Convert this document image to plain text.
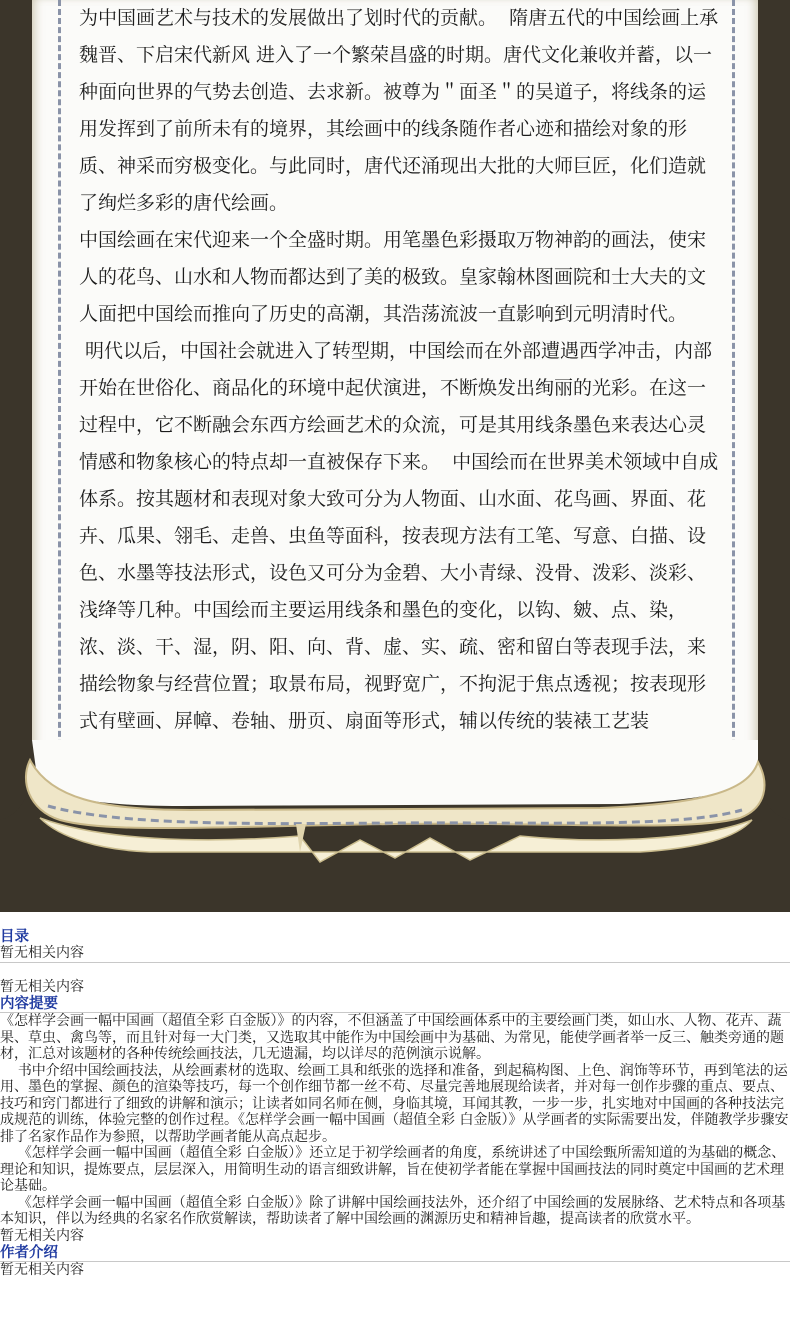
为中国画艺术与技术的发展做出了划时代的贡献。  隋唐五代的中国绘画上承魏晋、下启宋代新风 进入了一个繁荣昌盛的时期。唐代文化兼收并蓄，以一种面向世界的气势去创造、去求新。被尊为＂面圣＂的吴道子，将线条的运用发挥到了前所未有的境界，其绘画中的线条随作者心迹和描绘对象的形质、神采而穷极变化。与此同时，唐代还涌现出大批的大师巨匠，化们造就了绚烂多彩的唐代绘画。

中国绘画在宋代迎来一个全盛时期。用笔墨色彩摄取万物神韵的画法，使宋人的花鸟、山水和人物而都达到了美的极致。皇家翰林图画院和士大夫的文人面把中国绘而推向了历史的高潮，其浩荡流波一直影响到元明清时代。

明代以后，中国社会就进入了转型期，中国绘而在外部遭遇西学冲击，内部开始在世俗化、商品化的环境中起伏演进，不断焕发出绚丽的光彩。在这一过程中，它不断融会东西方绘画艺术的众流，可是其用线条墨色来表达心灵情感和物象核心的特点却一直被保存下来。  中国绘而在世界美术领域中自成体系。按其题材和表现对象大致可分为人物面、山水面、花鸟画、界面、花卉、瓜果、翎毛、走兽、虫鱼等面科，按表现方法有工笔、写意、白描、设色、水墨等技法形式，设色又可分为金碧、大小青绿、没骨、泼彩、淡彩、浅绛等几种。中国绘而主要运用线条和墨色的变化，以钩、皴、点、染，浓、淡、干、湿，阴、阳、向、背、虚、实、疏、密和留白等表现手法，来描绘物象与经营位置；取景布局，视野宽广，不拘泥于焦点透视；按表现形式有壁画、屏幛、卷轴、册页、扇面等形式，辅以传统的装裱工艺装

目录
暂无相关内容
暂无相关内容
内容提要

《怎样学会画一幅中国画（超值全彩 白金版）》的内容，不但涵盖了中国绘画体系中的主要绘画门类，如山水、人物、花卉、蔬果、草虫、禽鸟等，而且针对每一大门类，又选取其中能作为中国绘画中为基础、为常见，能使学画者举一反三、触类旁通的题材，汇总对该题材的各种传统绘画技法，几无遗漏，均以详尽的范例演示说解。

书中介绍中国绘画技法，从绘画素材的选取、绘画工具和纸张的选择和准备，到起稿构图、上色、润饰等环节，再到笔法的运用、墨色的掌握、颜色的渲染等技巧，每一个创作细节都一丝不苟、尽量完善地展现给读者，并对每一创作步骤的重点、要点、技巧和窍门都进行了细致的讲解和演示；让读者如同名师在侧，身临其境，耳闻其教，一步一步，扎实地对中国画的各种技法完成规范的训练，体验完整的创作过程。《怎样学会画一幅中国画（超值全彩 白金版）》从学画者的实际需要出发，伴随教学步骤安排了名家作品作为参照，以帮助学画者能从高点起步。

《怎样学会画一幅中国画（超值全彩 白金版）》还立足于初学绘画者的角度，系统讲述了中国绘甄所需知道的为基础的概念、理论和知识，提炼要点，层层深入，用简明生动的语言细致讲解，旨在使初学者能在掌握中国画技法的同时奠定中国画的艺术理论基础。

《怎样学会画一幅中国画（超值全彩 白金版）》除了讲解中国绘画技法外，还介绍了中国绘画的发展脉络、艺术特点和各项基本知识，伴以为经典的名家名作欣赏解读，帮助读者了解中国绘画的渊源历史和精神旨趣，提高读者的欣赏水平。

暂无相关内容

作者介绍
暂无相关内容
